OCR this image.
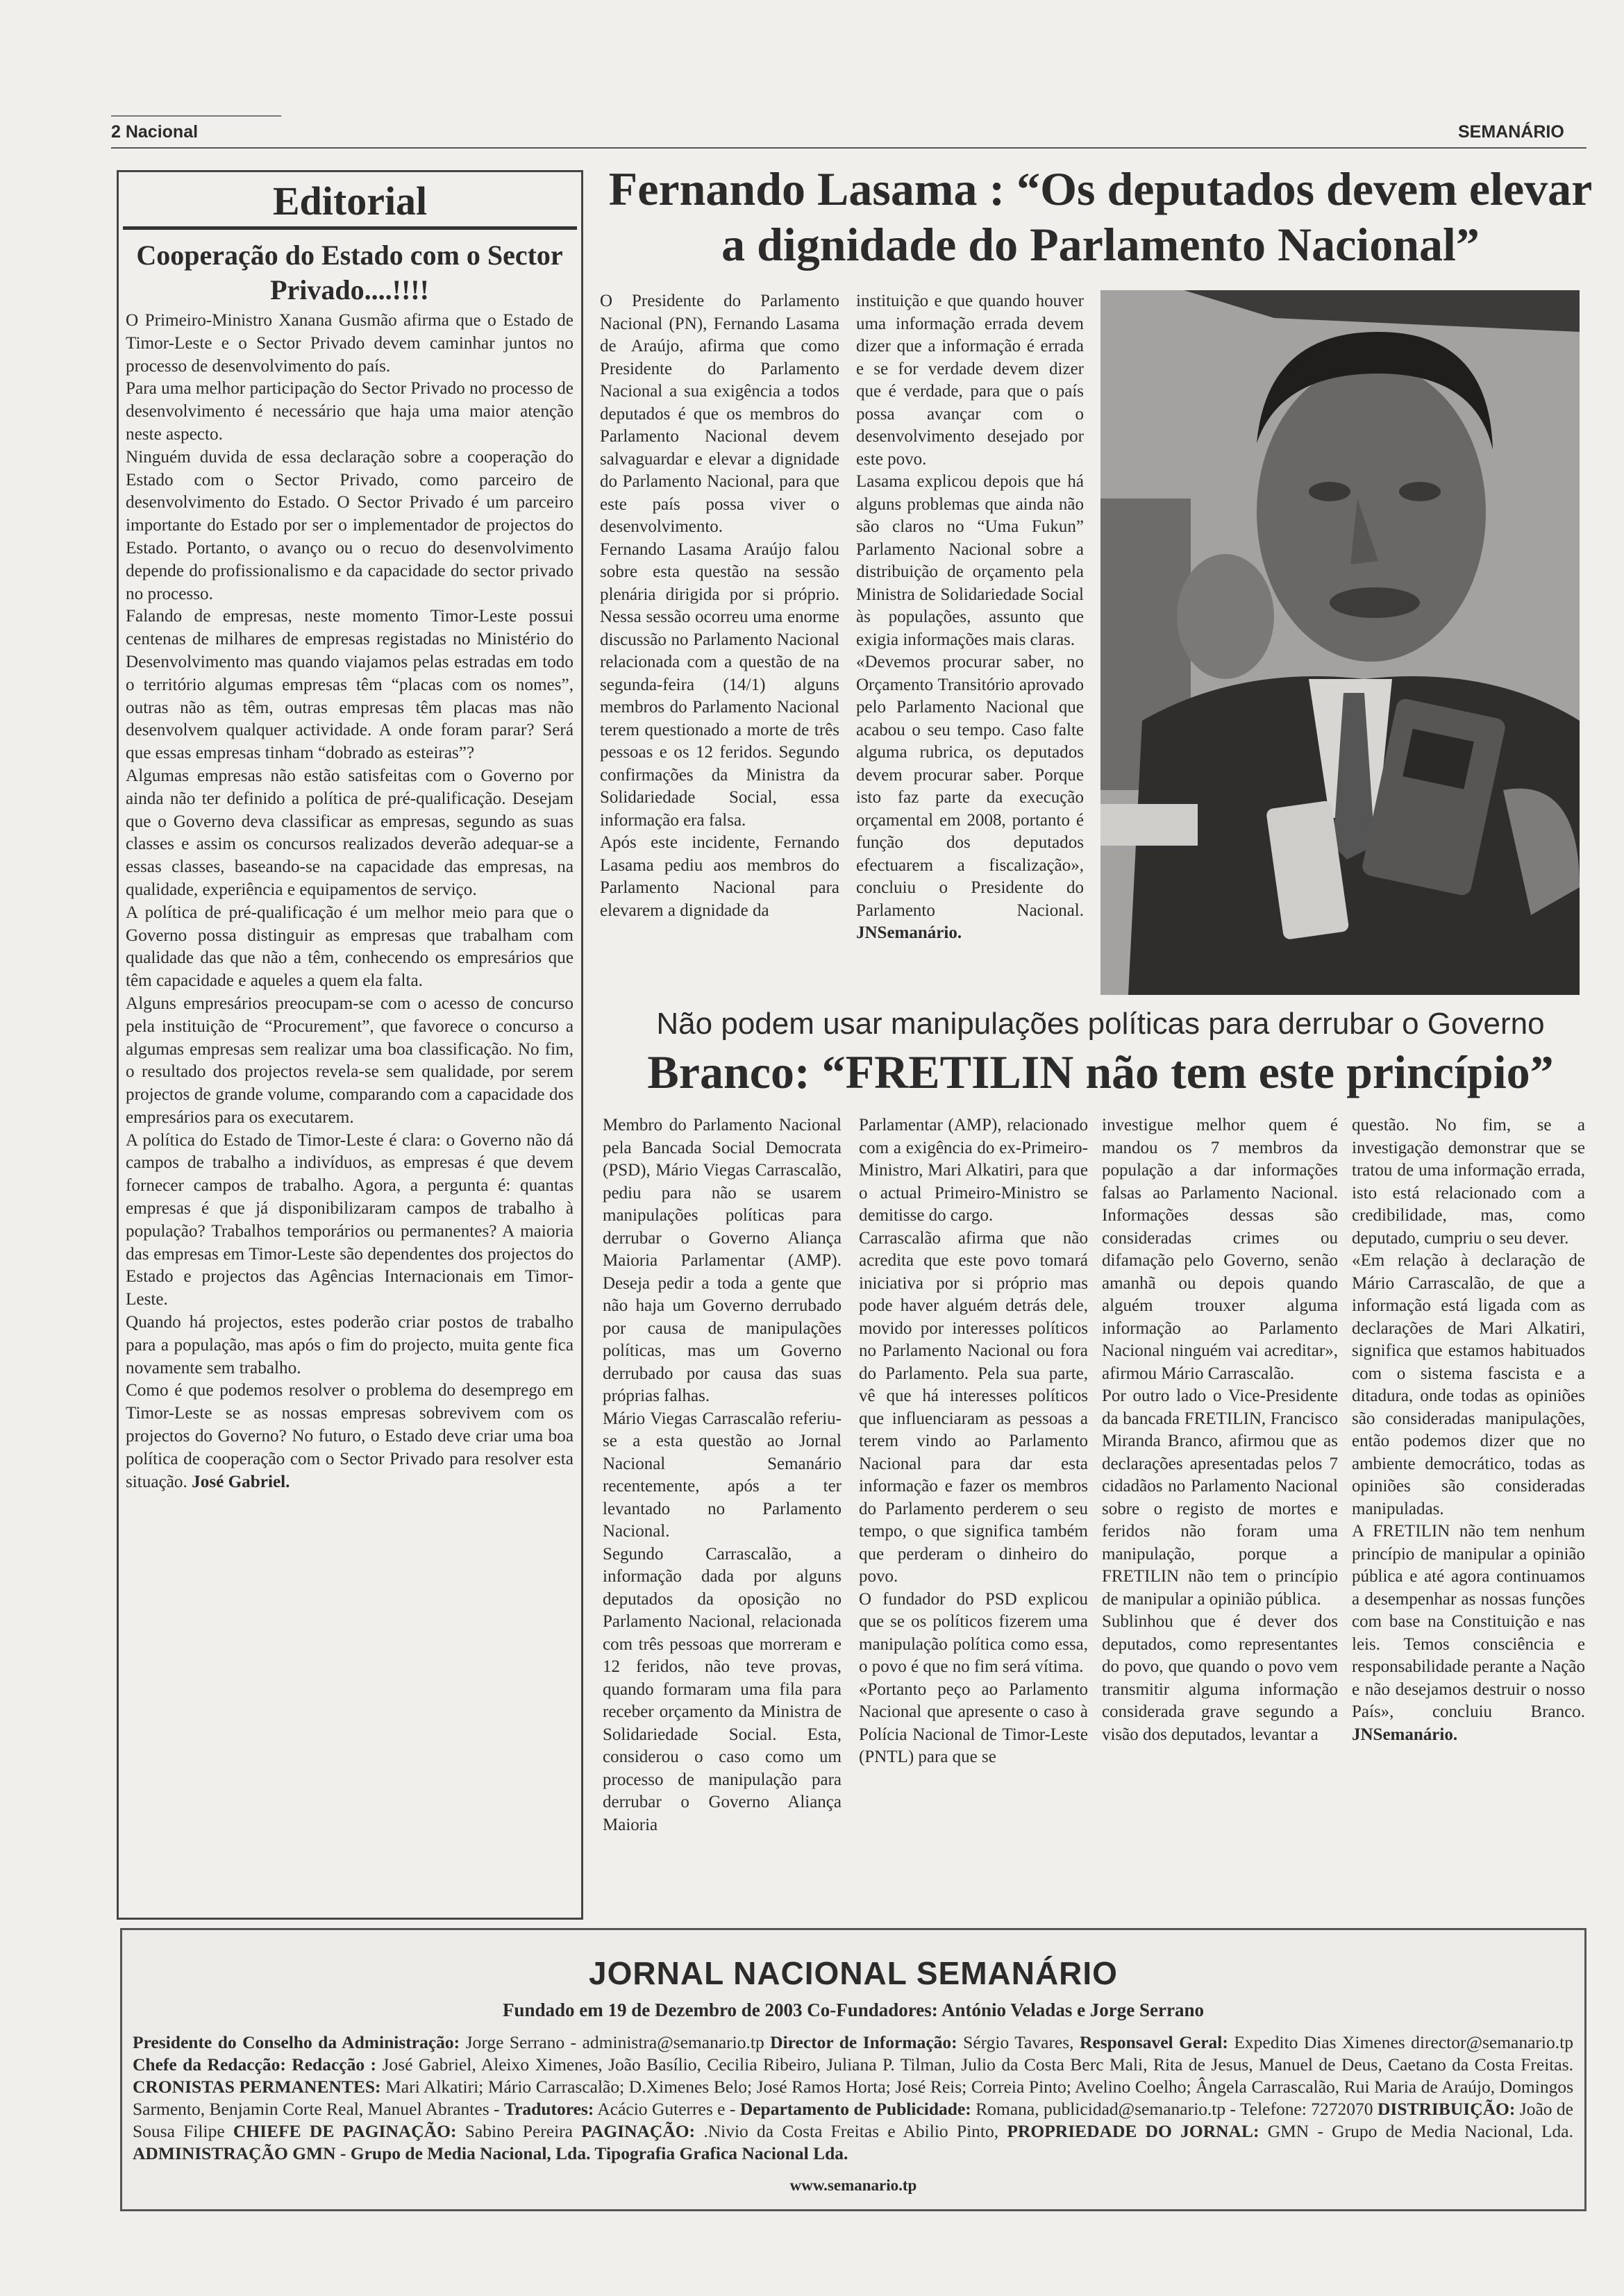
2 Nacional	SEMANÁRIO
Editorial
Cooperação do Estado com o Sector Privado....!!!!

O Primeiro-Ministro Xanana Gusmão afirma que o Estado de Timor-Leste e o Sector Privado devem caminhar juntos no processo de desenvolvimento do país.

Para uma melhor participação do Sector Privado no processo de desenvolvimento é necessário que haja uma maior atenção neste aspecto.

Ninguém duvida de essa declaração sobre a cooperação do Estado com o Sector Privado, como parceiro de desenvolvimento do Estado. O Sector Privado é um parceiro importante do Estado por ser o implementador de projectos do Estado. Portanto, o avanço ou o recuo do desenvolvimento depende do profissionalismo e da capacidade do sector privado no processo.

Falando de empresas, neste momento Timor-Leste possui centenas de milhares de empresas registadas no Ministério do Desenvolvimento mas quando viajamos pelas estradas em todo o território algumas empresas têm “placas com os nomes”, outras não as têm, outras empresas têm placas mas não desenvolvem qualquer actividade. A onde foram parar? Será que essas empresas tinham “dobrado as esteiras”?

Algumas empresas não estão satisfeitas com o Governo por ainda não ter definido a política de pré-qualificação. Desejam que o Governo deva classificar as empresas, segundo as suas classes e assim os concursos realizados deverão adequar-se a essas classes, baseando-se na capacidade das empresas, na qualidade, experiência e equipamentos de serviço.

A política de pré-qualificação é um melhor meio para que o Governo possa distinguir as empresas que trabalham com qualidade das que não a têm, conhecendo os empresários que têm capacidade e aqueles a quem ela falta.

Alguns empresários preocupam-se com o acesso de concurso pela instituição de “Procurement”, que favorece o concurso a algumas empresas sem realizar uma boa classificação. No fim, o resultado dos projectos revela-se sem qualidade, por serem projectos de grande volume, comparando com a capacidade dos empresários para os executarem.

A política do Estado de Timor-Leste é clara: o Governo não dá campos de trabalho a indivíduos, as empresas é que devem fornecer campos de trabalho. Agora, a pergunta é: quantas empresas é que já disponibilizaram campos de trabalho à população? Trabalhos temporários ou permanentes? A maioria das empresas em Timor-Leste são dependentes dos projectos do Estado e projectos das Agências Internacionais em Timor-Leste.

Quando há projectos, estes poderão criar postos de trabalho para a população, mas após o fim do projecto, muita gente fica novamente sem trabalho.

Como é que podemos resolver o problema do desemprego em Timor-Leste se as nossas empresas sobrevivem com os projectos do Governo? No futuro, o Estado deve criar uma boa política de cooperação com o Sector Privado para resolver esta situação. José Gabriel.

Fernando Lasama : “Os deputados devem elevar a dignidade do Parlamento Nacional”

O Presidente do Parlamento Nacional (PN), Fernando Lasama de Araújo, afirma que como Presidente do Parlamento Nacional a sua exigência a todos deputados é que os membros do Parlamento Nacional devem salvaguardar e elevar a dignidade do Parlamento Nacional, para que este país possa viver o desenvolvimento.

Fernando Lasama Araújo falou sobre esta questão na sessão plenária dirigida por si próprio. Nessa sessão ocorreu uma enorme discussão no Parlamento Nacional relacionada com a questão de na segunda-feira (14/1) alguns membros do Parlamento Nacional terem questionado a morte de três pessoas e os 12 feridos. Segundo confirmações da Ministra da Solidariedade Social, essa informação era falsa.

Após este incidente, Fernando Lasama pediu aos membros do Parlamento Nacional para elevarem a dignidade da

instituição e que quando houver uma informação errada devem dizer que a informação é errada e se for verdade devem dizer que é verdade, para que o país possa avançar com o desenvolvimento desejado por este povo.

Lasama explicou depois que há alguns problemas que ainda não são claros no “Uma Fukun” Parlamento Nacional sobre a distribuição de orçamento pela Ministra de Solidariedade Social às populações, assunto que exigia informações mais claras.

«Devemos procurar saber, no Orçamento Transitório aprovado pelo Parlamento Nacional que acabou o seu tempo. Caso falte alguma rubrica, os deputados devem procurar saber. Porque isto faz parte da execução orçamental em 2008, portanto é função dos deputados efectuarem a fiscalização», concluiu o Presidente do Parlamento Nacional. JNSemanário.

Não podem usar manipulações políticas para derrubar o Governo
Branco: “FRETILIN não tem este princípio”

Membro do Parlamento Nacional pela Bancada Social Democrata (PSD), Mário Viegas Carrascalão, pediu para não se usarem manipulações políticas para derrubar o Governo Aliança Maioria Parlamentar (AMP). Deseja pedir a toda a gente que não haja um Governo derrubado por causa de manipulações políticas, mas um Governo derrubado por causa das suas próprias falhas.

Mário Viegas Carrascalão referiu-se a esta questão ao Jornal Nacional Semanário recentemente, após a ter levantado no Parlamento Nacional.

Segundo Carrascalão, a informação dada por alguns deputados da oposição no Parlamento Nacional, relacionada com três pessoas que morreram e 12 feridos, não teve provas, quando formaram uma fila para receber orçamento da Ministra de Solidariedade Social. Esta, considerou o caso como um processo de manipulação para derrubar o Governo Aliança Maioria

Parlamentar (AMP), relacionado com a exigência do ex-Primeiro-Ministro, Mari Alkatiri, para que o actual Primeiro-Ministro se demitisse do cargo.

Carrascalão afirma que não acredita que este povo tomará iniciativa por si próprio mas pode haver alguém detrás dele, movido por interesses políticos no Parlamento Nacional ou fora do Parlamento. Pela sua parte, vê que há interesses políticos que influenciaram as pessoas a terem vindo ao Parlamento Nacional para dar esta informação e fazer os membros do Parlamento perderem o seu tempo, o que significa também que perderam o dinheiro do povo.

O fundador do PSD explicou que se os políticos fizerem uma manipulação política como essa, o povo é que no fim será vítima.

«Portanto peço ao Parlamento Nacional que apresente o caso à Polícia Nacional de Timor-Leste (PNTL) para que se

investigue melhor quem é mandou os 7 membros da população a dar informações falsas ao Parlamento Nacional. Informações dessas são consideradas crimes ou difamação pelo Governo, senão amanhã ou depois quando alguém trouxer alguma informação ao Parlamento Nacional ninguém vai acreditar», afirmou Mário Carrascalão.

Por outro lado o Vice-Presidente da bancada FRETILIN, Francisco Miranda Branco, afirmou que as declarações apresentadas pelos 7 cidadãos no Parlamento Nacional sobre o registo de mortes e feridos não foram uma manipulação, porque a FRETILIN não tem o princípio de manipular a opinião pública.

Sublinhou que é dever dos deputados, como representantes do povo, que quando o povo vem transmitir alguma informação considerada grave segundo a visão dos deputados, levantar a

questão. No fim, se a investigação demonstrar que se tratou de uma informação errada, isto está relacionado com a credibilidade, mas, como deputado, cumpriu o seu dever.

«Em relação à declaração de Mário Carrascalão, de que a informação está ligada com as declarações de Mari Alkatiri, significa que estamos habituados com o sistema fascista e a ditadura, onde todas as opiniões são consideradas manipulações, então podemos dizer que no ambiente democrático, todas as opiniões são consideradas manipuladas.

A FRETILIN não tem nenhum princípio de manipular a opinião pública e até agora continuamos a desempenhar as nossas funções com base na Constituição e nas leis. Temos consciência e responsabilidade perante a Nação e não desejamos destruir o nosso País», concluiu Branco. JNSemanário.

JORNAL NACIONAL SEMANÁRIO
Fundado em 19 de Dezembro de 2003 Co-Fundadores: António Veladas e Jorge Serrano
Presidente do Conselho da Administração: Jorge Serrano - administra@semanario.tp Director de Informação: Sérgio Tavares, Responsavel Geral: Expedito Dias Ximenes director@semanario.tp Chefe da Redacção: Redacção : José Gabriel, Aleixo Ximenes, João Basílio, Cecilia Ribeiro, Juliana P. Tilman, Julio da Costa Berc Mali, Rita de Jesus, Manuel de Deus, Caetano da Costa Freitas. CRONISTAS PERMANENTES: Mari Alkatiri; Mário Carrascalão; D.Ximenes Belo; José Ramos Horta; José Reis; Correia Pinto; Avelino Coelho; Ângela Carrascalão, Rui Maria de Araújo, Domingos Sarmento, Benjamin Corte Real, Manuel Abrantes - Tradutores: Acácio Guterres e - Departamento de Publicidade: Romana, publicidad@semanario.tp - Telefone: 7272070 DISTRIBUIÇÃO: João de Sousa Filipe CHIEFE DE PAGINAÇÃO: Sabino Pereira PAGINAÇÃO: .Nivio da Costa Freitas e Abilio Pinto, PROPRIEDADE DO JORNAL: GMN - Grupo de Media Nacional, Lda. ADMINISTRAÇÃO GMN - Grupo de Media Nacional, Lda. Tipografia Grafica Nacional Lda.
www.semanario.tp
